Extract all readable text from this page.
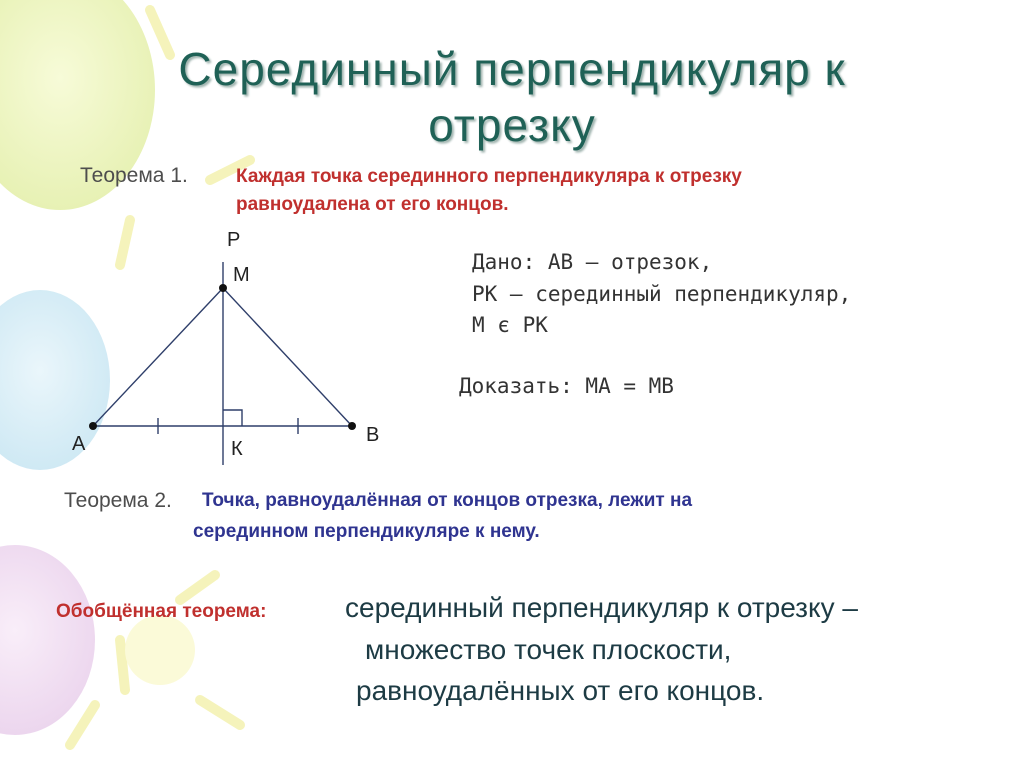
Серединный перпендикуляр к
отрезку
Теорема 1.	Каждая точка серединного перпендикуляра к отрезку
равноудалена от его концов.
Р
М
А	В
К
Дано: АВ – отрезок,
РК – серединный перпендикуляр,
М є РК
Доказать: МА = МВ
Теорема 2. Точка, равноудалённая от концов отрезка, лежит на
серединном перпендикуляре к нему.
Обобщённая теорема:	серединный перпендикуляр к отрезку –
множество точек плоскости,
равноудалённых от его концов.
